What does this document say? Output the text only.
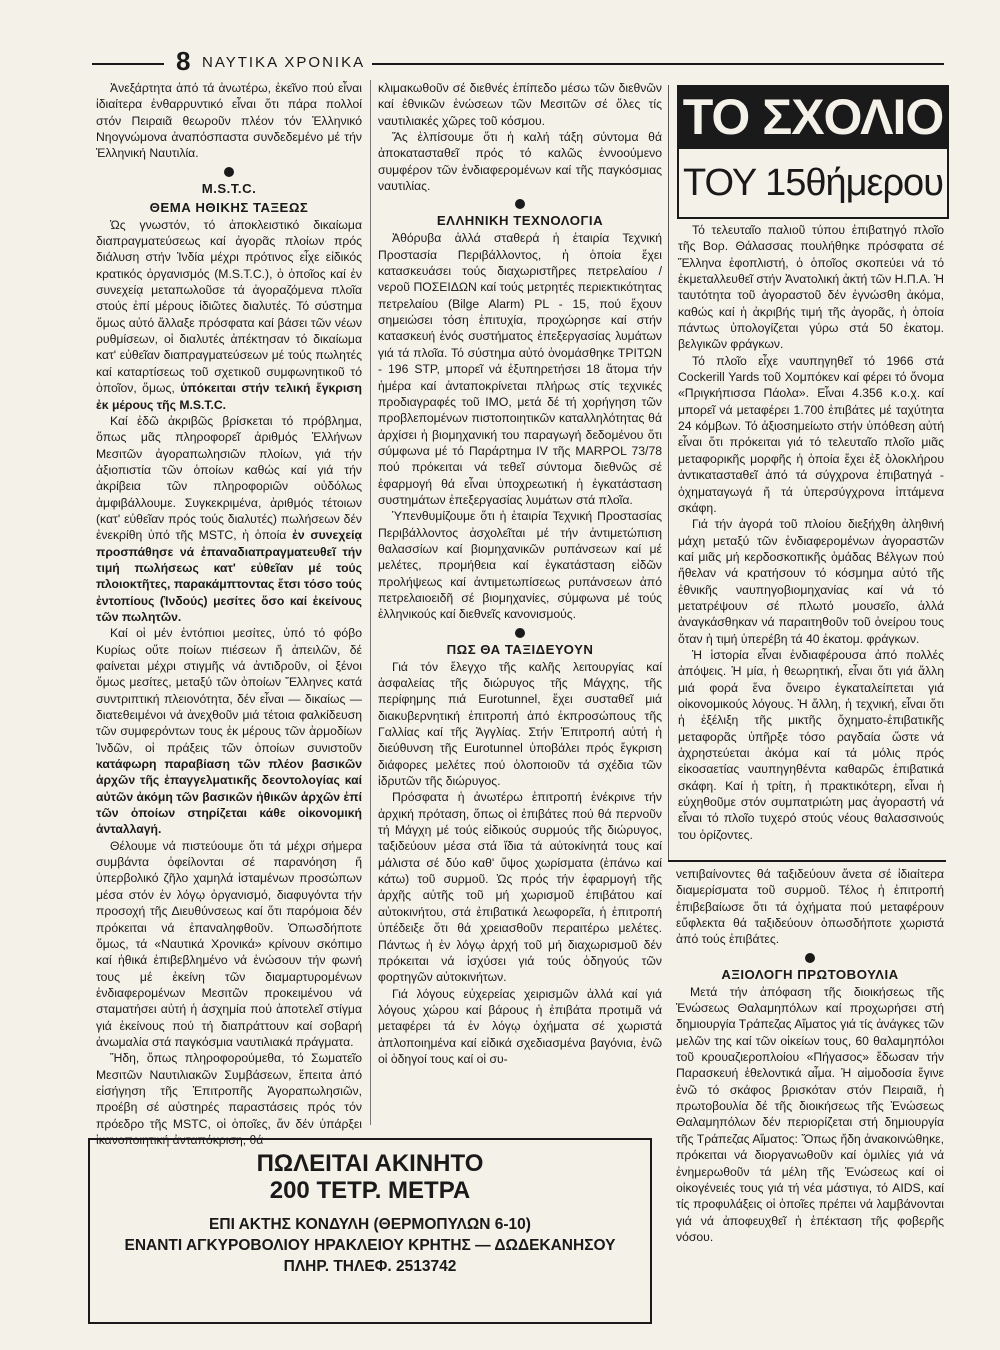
8 ΝΑΥΤΙΚΑ ΧΡΟΝΙΚΑ

Ἀνεξάρτητα ἀπό τά ἀνωτέρω, ἐκεῖνο πού εἶναι ἰδιαίτερα ἐνθαρρυντικό εἶναι ὅτι πάρα πολλοί στόν Πειραιᾶ θεωροῦν πλέον τόν Ἑλληνικό Νηογνώμονα ἀναπόσπαστα συνδεδεμένο μέ τήν Ἑλληνική Ναυτιλία.

M.S.T.C.
ΘΕΜΑ ΗΘΙΚΗΣ ΤΑΞΕΩΣ

Ὡς γνωστόν, τό ἀποκλειστικό δικαίωμα διαπραγματεύσεως καί ἀγορᾶς πλοίων πρός διάλυση στήν Ἰνδία μέχρι πρότινος εἶχε εἰδικός κρατικός ὀργανισμός (M.S.T.C.), ὁ ὁποῖος καί ἐν συνεχείᾳ μεταπωλοῦσε τά ἀγοραζόμενα πλοῖα στούς ἐπί μέρους ἰδιῶτες διαλυτές. Τό σύστημα ὅμως αὐτό ἄλλαξε πρόσφατα καί βάσει τῶν νέων ρυθμίσεων, οἱ διαλυτές ἀπέκτησαν τό δικαίωμα κατ' εὐθεῖαν διαπραγματεύσεων μέ τούς πωλητές καί καταρτίσεως τοῦ σχετικοῦ συμφωνητικοῦ τό ὁποῖον, ὅμως, ὑπόκειται στήν τελική ἔγκριση ἐκ μέρους τῆς M.S.T.C.

Καί ἐδῶ ἀκριβῶς βρίσκεται τό πρόβλημα, ὅπως μᾶς πληροφορεῖ ἀριθμός Ἑλλήνων Μεσιτῶν ἀγοραπωλησιῶν πλοίων, γιά τήν ἀξιοπιστία τῶν ὁποίων καθώς καί γιά τήν ἀκρίβεια τῶν πληροφοριῶν οὐδόλως ἀμφιβάλλουμε. Συγκεκριμένα, ἀριθμός τέτοιων (κατ' εὐθεῖαν πρός τούς διαλυτές) πωλήσεων δέν ἐνεκρίθη ὑπό τῆς MSTC, ἡ ὁποία ἐν συνεχείᾳ προσπάθησε νά ἐπαναδιαπραγματευθεῖ τήν τιμή πωλήσεως κατ' εὐθεῖαν μέ τούς πλοιοκτῆτες, παρακάμπτοντας ἔτσι τόσο τούς ἐντοπίους (Ἰνδούς) μεσίτες ὅσο καί ἐκείνους τῶν πωλητῶν.

Καί οἱ μέν ἐντόπιοι μεσίτες, ὑπό τό φόβο Κυρίως οὔτε ποίων πιέσεων ἤ ἀπειλῶν, δέ φαίνεται μέχρι στιγμῆς νά ἀντιδροῦν, οἱ ξένοι ὅμως μεσίτες, μεταξύ τῶν ὁποίων Ἕλληνες κατά συντριπτική πλειονότητα, δέν εἶναι — δικαίως — διατεθειμένοι νά ἀνεχθοῦν μιά τέτοια φαλκίδευση τῶν συμφερόντων τους ἐκ μέρους τῶν ἁρμοδίων Ἰνδῶν, οἱ πράξεις τῶν ὁποίων συνιστοῦν κατάφωρη παραβίαση τῶν πλέον βασικῶν ἀρχῶν τῆς ἐπαγγελματικῆς δεοντολογίας καί αὐτῶν ἀκόμη τῶν βασικῶν ἠθικῶν ἀρχῶν ἐπί τῶν ὁποίων στηρίζεται κάθε οἰκονομική ἀνταλλαγή.

Θέλουμε νά πιστεύουμε ὅτι τά μέχρι σήμερα συμβάντα ὀφείλονται σέ παρανόηση ἤ ὑπερβολικό ζῆλο χαμηλά ἱσταμένων προσώπων μέσα στόν ἐν λόγῳ ὀργανισμό, διαφυγόντα τήν προσοχή τῆς Διευθύνσεως καί ὅτι παρόμοια δέν πρόκειται νά ἐπαναληφθοῦν. Ὁπωσδήποτε ὅμως, τά «Ναυτικά Χρονικά» κρίνουν σκόπιμο καί ἠθικά ἐπιβεβλημένο νά ἑνώσουν τήν φωνή τους μέ ἐκείνη τῶν διαμαρτυρομένων ἐνδιαφερομένων Μεσιτῶν προκειμένου νά σταματήσει αὐτή ἡ ἀσχημία πού ἀποτελεῖ στίγμα γιά ἐκείνους πού τή διαπράττουν καί σοβαρή ἀνωμαλία στά παγκόσμια ναυτιλιακά πράγματα.

Ἤδη, ὅπως πληροφορούμεθα, τό Σωματεῖο Μεσιτῶν Ναυτιλιακῶν Συμβάσεων, ἔπειτα ἀπό εἰσήγηση τῆς Ἐπιτροπῆς Ἀγοραπωλησιῶν, προέβη σέ αὐστηρές παραστάσεις πρός τόν πρόεδρο τῆς MSTC, οἱ ὁποῖες, ἄν δέν ὑπάρξει ἱκανοποιητική ἀνταπόκριση, θά

κλιμακωθοῦν σέ διεθνές ἐπίπεδο μέσω τῶν διεθνῶν καί ἐθνικῶν ἑνώσεων τῶν Μεσιτῶν σέ ὅλες τίς ναυτιλιακές χῶρες τοῦ κόσμου.

Ἄς ἐλπίσουμε ὅτι ἡ καλή τάξη σύντομα θά ἀποκατασταθεῖ πρός τό καλῶς ἐννοούμενο συμφέρον τῶν ἐνδιαφερομένων καί τῆς παγκόσμιας ναυτιλίας.

ΕΛΛΗΝΙΚΗ ΤΕΧΝΟΛΟΓΙΑ

Ἀθόρυβα ἀλλά σταθερά ἡ ἑταιρία Τεχνική Προστασία Περιβάλλοντος, ἡ ὁποία ἔχει κατασκευάσει τούς διαχωριστῆρες πετρελαίου / νεροῦ ΠΟΣΕΙΔΩΝ καί τούς μετρητές περιεκτικότητας πετρελαίου (Bilge Alarm) PL - 15, πού ἔχουν σημειώσει τόση ἐπιτυχία, προχώρησε καί στήν κατασκευή ἑνός συστήματος ἐπεξεργασίας λυμάτων γιά τά πλοῖα. Τό σύστημα αὐτό ὀνομάσθηκε ΤΡΙΤΩΝ - 196 STP, μπορεῖ νά ἐξυπηρετήσει 18 ἄτομα τήν ἡμέρα καί ἀνταποκρίνεται πλήρως στίς τεχνικές προδιαγραφές τοῦ IMO, μετά δέ τή χορήγηση τῶν προβλεπομένων πιστοποιητικῶν καταλληλότητας θά ἀρχίσει ἡ βιομηχανική του παραγωγή δεδομένου ὅτι σύμφωνα μέ τό Παράρτημα IV τῆς MARPOL 73/78 πού πρόκειται νά τεθεῖ σύντομα διεθνῶς σέ ἐφαρμογή θά εἶναι ὑποχρεωτική ἡ ἐγκατάσταση συστημάτων ἐπεξεργασίας λυμάτων στά πλοῖα.

Ὑπενθυμίζουμε ὅτι ἡ ἑταιρία Τεχνική Προστασίας Περιβάλλοντος ἀσχολεῖται μέ τήν ἀντιμετώπιση θαλασσίων καί βιομηχανικῶν ρυπάνσεων καί μέ μελέτες, προμήθεια καί ἐγκατάσταση εἰδῶν προλήψεως καί ἀντιμετωπίσεως ρυπάνσεων ἀπό πετρελαιοειδῆ σέ βιομηχανίες, σύμφωνα μέ τούς ἑλληνικούς καί διεθνεῖς κανονισμούς.

ΠΩΣ ΘΑ ΤΑΞΙΔΕΥΟΥΝ

Γιά τόν ἔλεγχο τῆς καλῆς λειτουργίας καί ἀσφαλείας τῆς διώρυγος τῆς Μάγχης, τῆς περίφημης πιά Eurotunnel, ἔχει συσταθεῖ μιά διακυβερνητική ἐπιτροπή ἀπό ἐκπροσώπους τῆς Γαλλίας καί τῆς Ἀγγλίας. Στήν Ἐπιτροπή αὐτή ἡ διεύθυνση τῆς Eurotunnel ὑποβάλει πρός ἔγκριση διάφορες μελέτες πού ὁλοποιοῦν τά σχέδια τῶν ἱδρυτῶν τῆς διώρυγος.

Πρόσφατα ἡ ἀνωτέρω ἐπιτροπή ἐνέκρινε τήν ἀρχική πρόταση, ὅπως οἱ ἐπιβάτες πού θά περνοῦν τή Μάγχη μέ τούς εἰδικούς συρμούς τῆς διώρυγος, ταξιδεύουν μέσα στά ἴδια τά αὐτοκίνητά τους καί μάλιστα σέ δύο καθ' ὕψος χωρίσματα (ἐπάνω καί κάτω) τοῦ συρμοῦ. Ὡς πρός τήν ἐφαρμογή τῆς ἀρχῆς αὐτῆς τοῦ μή χωρισμοῦ ἐπιβάτου καί αὐτοκινήτου, στά ἐπιβατικά λεωφορεῖα, ἡ ἐπιτροπή ὑπέδειξε ὅτι θά χρειασθοῦν περαιτέρω μελέτες. Πάντως ἡ ἐν λόγῳ ἀρχή τοῦ μή διαχωρισμοῦ δέν πρόκειται νά ἰσχύσει γιά τούς ὁδηγούς τῶν φορτηγῶν αὐτοκινήτων.

Γιά λόγους εὐχερείας χειρισμῶν ἀλλά καί γιά λόγους χώρου καί βάρους ἡ ἐπιβάτα προτιμᾶ νά μεταφέρει τά ἐν λόγῳ ὀχήματα σέ χωριστά ἀπλοποιημένα καί εἰδικά σχεδιασμένα βαγόνια, ἐνῶ οἱ ὁδηγοί τους καί οἱ συ-

ΤΟ ΣΧΟΛΙΟ
ΤΟΥ 15θήμερου

Τό τελευταῖο παλιοῦ τύπου ἐπιβατηγό πλοῖο τῆς Βορ. Θάλασσας πουλήθηκε πρόσφατα σέ Ἕλληνα ἐφοπλιστή, ὁ ὁποῖος σκοπεύει νά τό ἐκμεταλλευθεῖ στήν Ἀνατολική ἀκτή τῶν Η.Π.Α. Ἡ ταυτότητα τοῦ ἀγοραστοῦ δέν ἐγνώσθη ἀκόμα, καθώς καί ἡ ἀκριβής τιμή τῆς ἀγορᾶς, ἡ ὁποία πάντως ὑπολογίζεται γύρω στά 50 ἑκατομ. βελγικῶν φράγκων.

Τό πλοῖο εἶχε ναυπηγηθεῖ τό 1966 στά Cockerill Yards τοῦ Χομπόκεν καί φέρει τό ὄνομα «Πριγκήπισσα Πάολα». Εἶναι 4.356 κ.ο.χ. καί μπορεῖ νά μεταφέρει 1.700 ἐπιβάτες μέ ταχύτητα 24 κόμβων. Τό ἀξιοσημείωτο στήν ὑπόθεση αὐτή εἶναι ὅτι πρόκειται γιά τό τελευταῖο πλοῖο μιᾶς μεταφορικῆς μορφῆς ἡ ὁποία ἔχει ἐξ ὁλοκλήρου ἀντικατασταθεῖ ἀπό τά σύγχρονα ἐπιβατηγά - ὀχηματαγωγά ἤ τά ὑπερσύγχρονα ἱπτάμενα σκάφη.

Γιά τήν ἀγορά τοῦ πλοίου διεξήχθη ἀληθινή μάχη μεταξύ τῶν ἐνδιαφερομένων ἀγοραστῶν καί μιᾶς μή κερδοσκοπικῆς ὁμάδας Βέλγων πού ἤθελαν νά κρατήσουν τό κόσμημα αὐτό τῆς ἐθνικῆς ναυπηγοβιομηχανίας καί νά τό μετατρέψουν σέ πλωτό μουσεῖο, ἀλλά ἀναγκάσθηκαν νά παραιτηθοῦν τοῦ ὀνείρου τους ὅταν ἡ τιμή ὑπερέβη τά 40 ἑκατομ. φράγκων.

Ἡ ἱστορία εἶναι ἐνδιαφέρουσα ἀπό πολλές ἀπόψεις. Ἡ μία, ἡ θεωρητική, εἶναι ὅτι γιά ἄλλη μιά φορά ἕνα ὄνειρο ἐγκαταλείπεται γιά οἰκονομικούς λόγους. Ἡ ἄλλη, ἡ τεχνική, εἶναι ὅτι ἡ ἐξέλιξη τῆς μικτῆς ὄχηματο-ἐπιβατικῆς μεταφορᾶς ὑπῆρξε τόσο ραγδαία ὥστε νά ἀχρηστεύεται ἀκόμα καί τά μόλις πρός εἰκοσαετίας ναυπηγηθέντα καθαρῶς ἐπιβατικά σκάφη. Καί ἡ τρίτη, ἡ πρακτικότερη, εἶναι ἡ εὐχηθοῦμε στόν συμπατριώτη μας ἀγοραστή νά εἶναι τό πλοῖο τυχερό στούς νέους θαλασσινούς του ὁρίζοντες.

νεπιβαίνοντες θά ταξιδεύουν ἄνετα σέ ἰδιαίτερα διαμερίσματα τοῦ συρμοῦ. Τέλος ἡ ἐπιτροπή ἐπιβεβαίωσε ὅτι τά ὀχήματα πού μεταφέρουν εὔφλεκτα θά ταξιδεύουν ὁπωσδήποτε χωριστά ἀπό τούς ἐπιβάτες.

ΑΞΙΟΛΟΓΗ ΠΡΩΤΟΒΟΥΛΙΑ

Μετά τήν ἀπόφαση τῆς διοικήσεως τῆς Ἑνώσεως Θαλαμηπόλων καί προχωρήσει στή δημιουργία Τράπεζας Αἵματος γιά τίς ἀνάγκες τῶν μελῶν της καί τῶν οἰκείων τους, 60 θαλαμηπόλοι τοῦ κρουαζιεροπλοίου «Πήγασος» ἔδωσαν τήν Παρασκευή ἐθελοντικά αἷμα. Ἡ αἱμοδοσία ἔγινε ἐνῶ τό σκάφος βρισκόταν στόν Πειραιᾶ, ἡ πρωτοβουλία δέ τῆς διοικήσεως τῆς Ἑνώσεως Θαλαμηπόλων δέν περιορίζεται στή δημιουργία τῆς Τράπεζας Αἵματος: Ὅπως ἤδη ἀνακοινώθηκε, πρόκειται νά διοργανωθοῦν καί ὁμιλίες γιά νά ἐνημερωθοῦν τά μέλη τῆς Ἑνώσεως καί οἱ οἰκογένειές τους γιά τή νέα μάστιγα, τό AIDS, καί τίς προφυλάξεις οἱ ὁποῖες πρέπει νά λαμβάνονται γιά νά ἀποφευχθεῖ ἡ ἐπέκταση τῆς φοβερῆς νόσου.

ΠΩΛΕΙΤΑΙ ΑΚΙΝΗΤΟ
200 ΤΕΤΡ. ΜΕΤΡΑ
ΕΠΙ ΑΚΤΗΣ ΚΟΝΔΥΛΗ (ΘΕΡΜΟΠΥΛΩΝ 6-10)
ΕΝΑΝΤΙ ΑΓΚΥΡΟΒΟΛΙΟΥ ΗΡΑΚΛΕΙΟΥ ΚΡΗΤΗΣ — ΔΩΔΕΚΑΝΗΣΟΥ
ΠΛΗΡ. ΤΗΛΕΦ. 2513742
